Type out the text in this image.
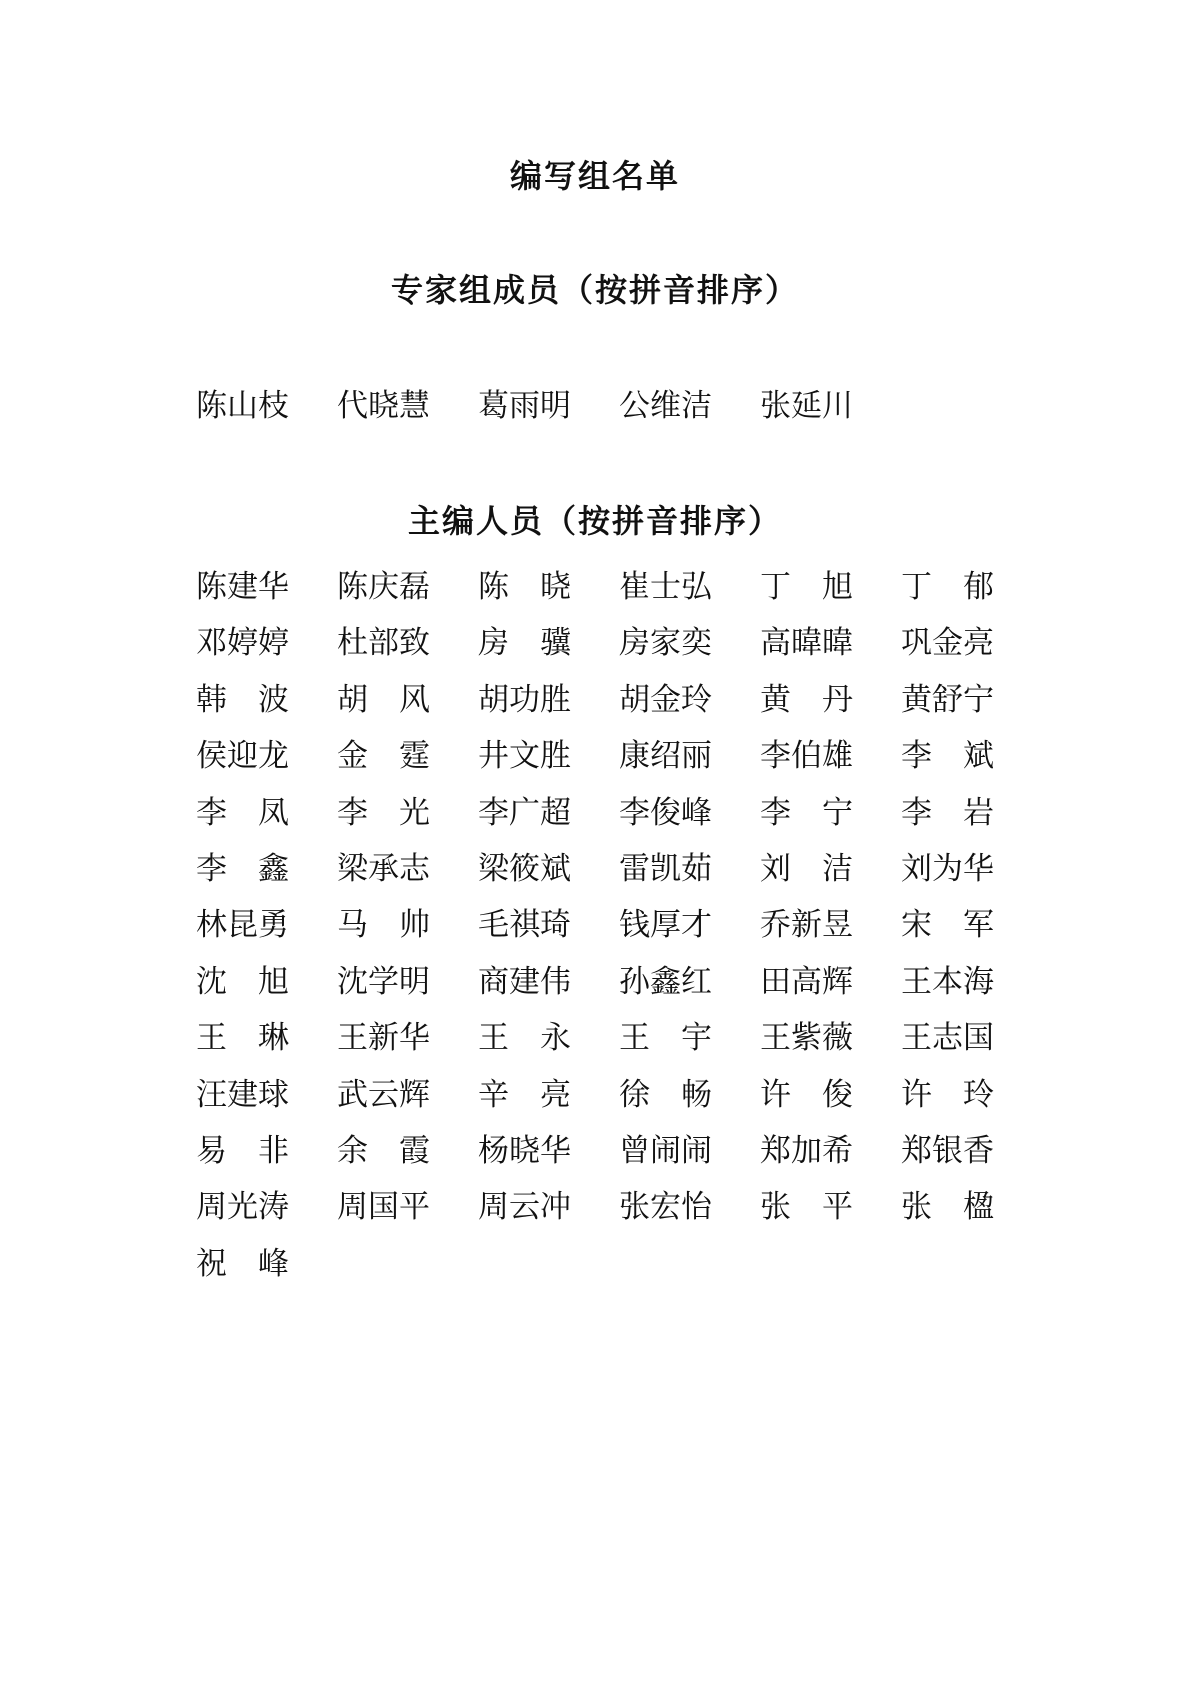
编写组名单
专家组成员（按拼音排序）
陈山枝 代晓慧 葛雨明 公维洁 张延川
主编人员（按拼音排序）
陈建华 陈庆磊 陈　晓 崔士弘 丁　旭 丁　郁
邓婷婷 杜部致 房　骥 房家奕 高暐暐 巩金亮
韩　波 胡　风 胡功胜 胡金玲 黄　丹 黄舒宁
侯迎龙 金　霆 井文胜 康绍丽 李伯雄 李　斌
李　凤 李　光 李广超 李俊峰 李　宁 李　岩
李　鑫 梁承志 梁筱斌 雷凯茹 刘　洁 刘为华
林昆勇 马　帅 毛祺琦 钱厚才 乔新昱 宋　军
沈　旭 沈学明 商建伟 孙鑫红 田高辉 王本海
王　琳 王新华 王　永 王　宇 王紫薇 王志国
汪建球 武云辉 辛　亮 徐　畅 许　俊 许　玲
易　非 余　霞 杨晓华 曾闹闹 郑加希 郑银香
周光涛 周国平 周云冲 张宏怡 张　平 张　楹
祝　峰
